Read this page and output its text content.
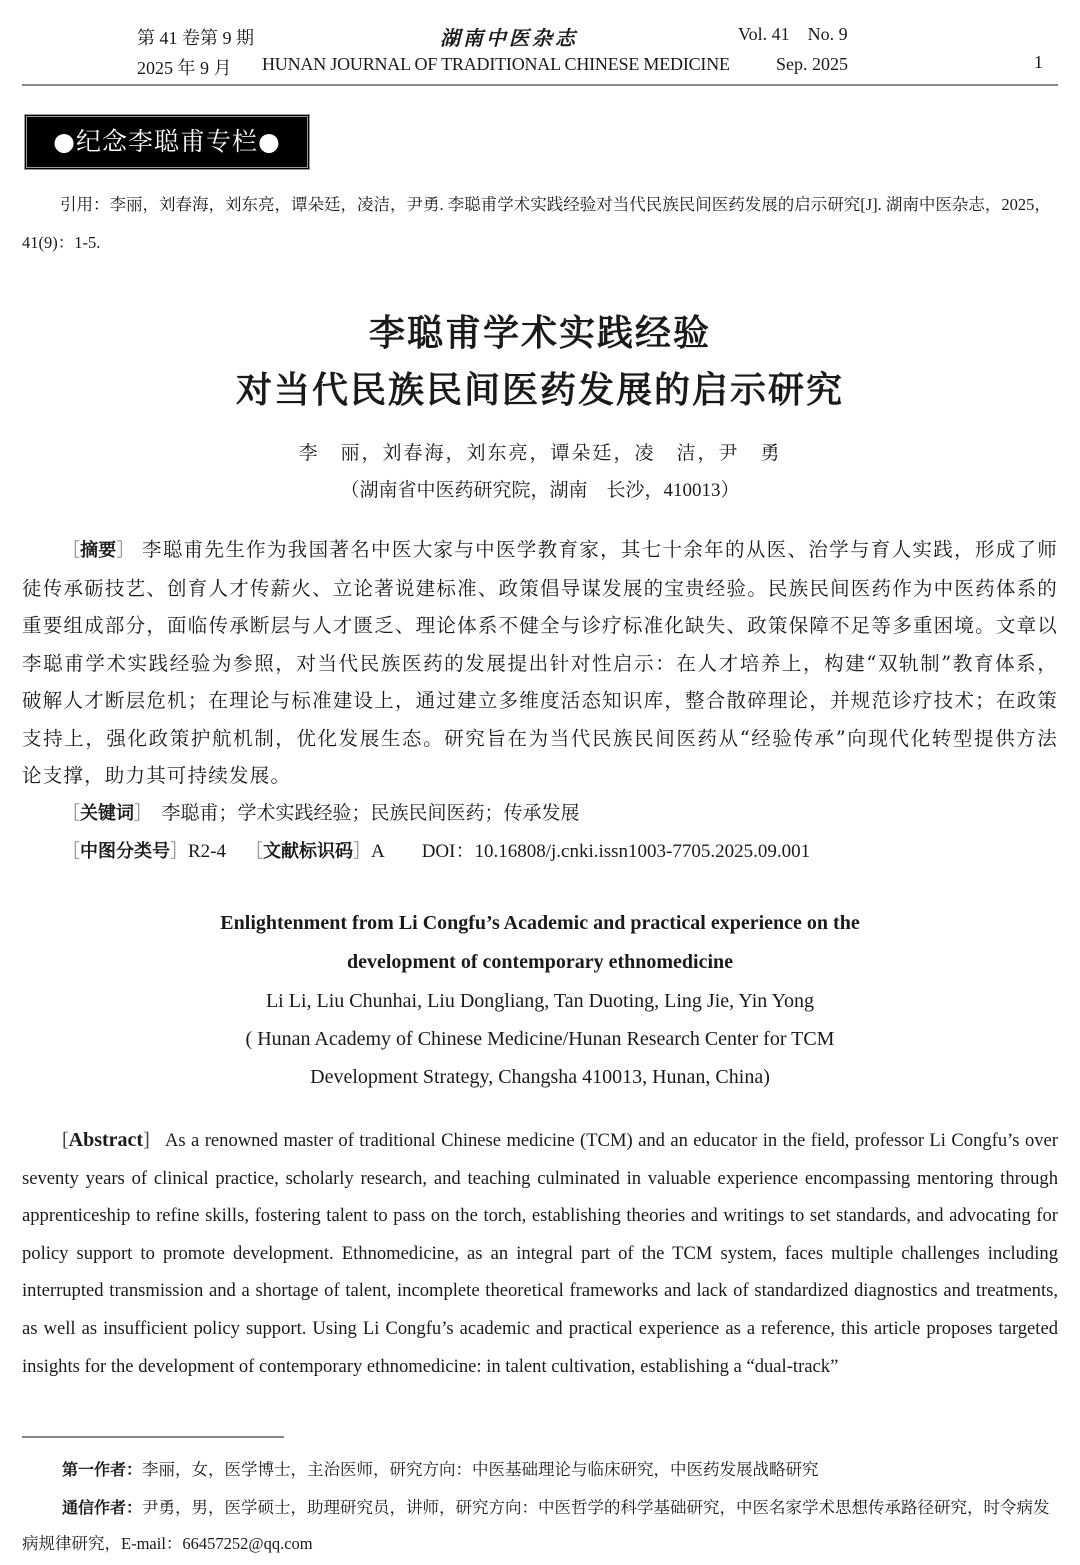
第 41 卷第 9 期
2025 年 9 月
湖南中医杂志
HUNAN JOURNAL OF TRADITIONAL CHINESE MEDICINE
Vol. 41    No. 9
Sep. 2025	1
●纪念李聪甫专栏●
引用：李丽，刘春海，刘东亮，谭朵廷，凌洁，尹勇. 李聪甫学术实践经验对当代民族民间医药发展的启示研究[J]. 湖南中医杂志，2025，41(9)：1-5.
李聪甫学术实践经验
对当代民族民间医药发展的启示研究
李　丽，刘春海，刘东亮，谭朵廷，凌　洁，尹　勇
（湖南省中医药研究院，湖南　长沙，410013）
［摘要］ 李聪甫先生作为我国著名中医大家与中医学教育家，其七十余年的从医、治学与育人实践，形成了师徒传承砺技艺、创育人才传薪火、立论著说建标准、政策倡导谋发展的宝贵经验。民族民间医药作为中医药体系的重要组成部分，面临传承断层与人才匮乏、理论体系不健全与诊疗标准化缺失、政策保障不足等多重困境。文章以李聪甫学术实践经验为参照，对当代民族医药的发展提出针对性启示：在人才培养上，构建“双轨制”教育体系，破解人才断层危机；在理论与标准建设上，通过建立多维度活态知识库，整合散碎理论，并规范诊疗技术；在政策支持上，强化政策护航机制，优化发展生态。研究旨在为当代民族民间医药从“经验传承”向现代化转型提供方法论支撑，助力其可持续发展。
［关键词］ 李聪甫；学术实践经验；民族民间医药；传承发展
［中图分类号］R2-4 ［文献标识码］A DOI：10.16808/j.cnki.issn1003-7705.2025.09.001
Enlightenment from Li Congfu’s Academic and practical experience on the
development of contemporary ethnomedicine
Li Li, Liu Chunhai, Liu Dongliang, Tan Duoting, Ling Jie, Yin Yong
( Hunan Academy of Chinese Medicine/Hunan Research Center for TCM
Development Strategy, Changsha 410013, Hunan, China)
[Abstract] As a renowned master of traditional Chinese medicine (TCM) and an educator in the field, professor Li Congfu’s over seventy years of clinical practice, scholarly research, and teaching culminated in valuable experience encompassing mentoring through apprenticeship to refine skills, fostering talent to pass on the torch, establishing theories and writings to set standards, and advocating for policy support to promote development. Ethnomedicine, as an integral part of the TCM system, faces multiple challenges including interrupted transmission and a shortage of talent, incomplete theoretical frameworks and lack of standardized diagnostics and treatments, as well as insufficient policy support. Using Li Congfu’s academic and practical experience as a reference, this article proposes targeted insights for the development of contemporary ethnomedicine: in talent cultivation, establishing a “dual-track”
第一作者：李丽，女，医学博士，主治医师，研究方向：中医基础理论与临床研究，中医药发展战略研究
通信作者：尹勇，男，医学硕士，助理研究员，讲师，研究方向：中医哲学的科学基础研究，中医名家学术思想传承路径研究，时令病发病规律研究，E-mail：66457252@qq.com
